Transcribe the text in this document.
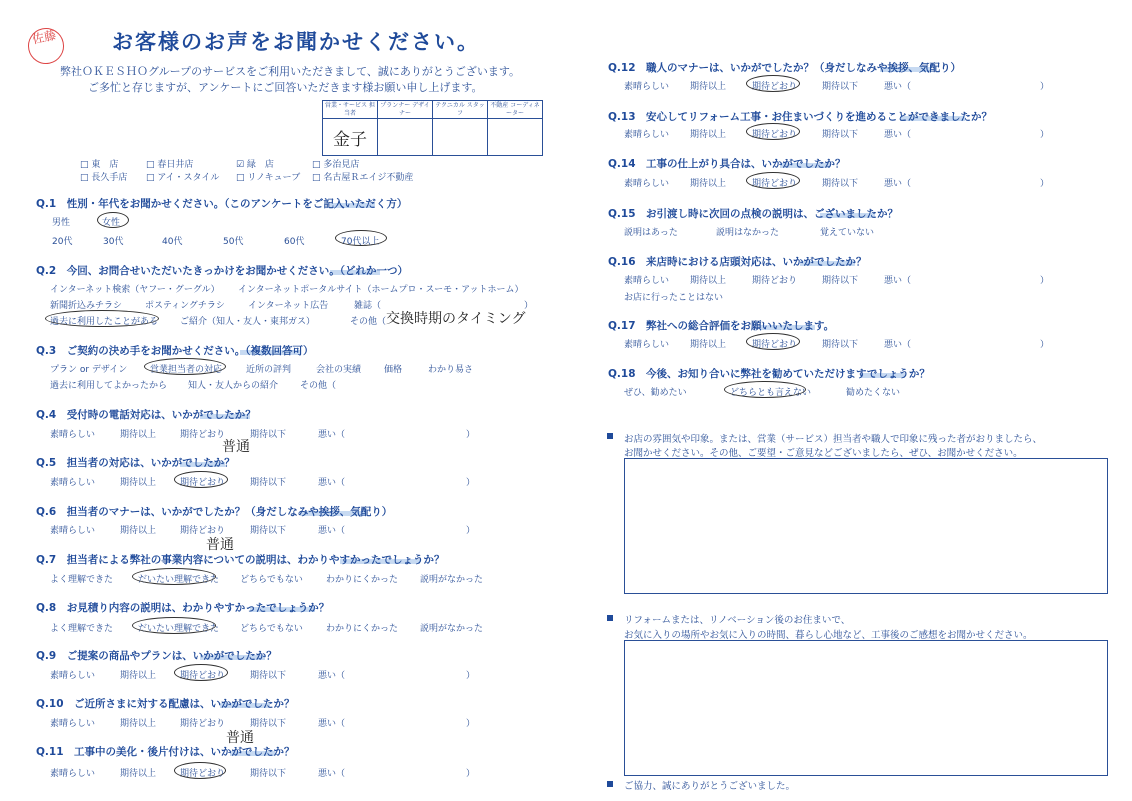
佐藤	お客様のお声をお聞かせください。
弊社ＯＫＥＳＨＯグループのサービスをご利用いただきまして、誠にありがとうございます。
ご多忙と存じますが、アンケートにご回答いただきます様お願い申し上げます。
営業・サービス 担当者	プランナー デザイナー	テクニカル スタッフ	不動産 コーディネーター
金子			
□ 東　店	□ 春日井店	☑ 緑　店	□ 多治見店
□ 長久手店 □ アイ・スタイル □ リノキューブ □ 名古屋Ｒエイジ不動産
Q.1　性別・年代をお聞かせください。（このアンケートをご記入いただく方）
男性	女性
20代	30代	40代	50代	60代	70代以上
Q.2　今回、お問合せいただいたきっかけをお聞かせください。（どれか一つ）
インターネット検索（ヤフー・グーグル） インターネットポータルサイト（ホームプロ・スーモ・アットホーム）
新聞折込みチラシ	ポスティングチラシ	インターネット広告	雑誌（	）
過去に利用したことがある ご紹介（知人・友人・東邦ガス）	その他（ 交換時期のタイミング
Q.3　ご契約の決め手をお聞かせください。（複数回答可）
プラン or デザイン	営業担当者の対応	近所の評判	会社の実績	価格	わかり易さ
過去に利用してよかったから 知人・友人からの紹介 その他（
Q.4　受付時の電話対応は、いかがでしたか？
素晴らしい	期待以上	期待どおり	期待以下	悪い（	）
普通
Q.5　担当者の対応は、いかがでしたか？
素晴らしい	期待以上	期待どおり	期待以下	悪い（	）
Q.6　担当者のマナーは、いかがでしたか？（身だしなみや挨拶、気配り）
素晴らしい	期待以上	期待どおり	期待以下	悪い（	）
普通
Q.7　担当者による弊社の事業内容についての説明は、わかりやすかったでしょうか？
よく理解できた	だいたい理解できた どちらでもない	わかりにくかった 説明がなかった
Q.8　お見積り内容の説明は、わかりやすかったでしょうか？
よく理解できた	だいたい理解できた どちらでもない	わかりにくかった 説明がなかった
Q.9　ご提案の商品やプランは、いかがでしたか？
素晴らしい	期待以上	期待どおり	期待以下	悪い（	）
Q.10　ご近所さまに対する配慮は、いかがでしたか？
素晴らしい	期待以上	期待どおり	期待以下	悪い（	）
普通
Q.11　工事中の美化・後片付けは、いかがでしたか？
素晴らしい	期待以上	期待どおり	期待以下	悪い（	）
Q.12　職人のマナーは、いかがでしたか？（身だしなみや挨拶、気配り）
素晴らしい 期待以上	期待どおり	期待以下	悪い（	）
Q.13　安心してリフォーム工事・お住まいづくりを進めることができましたか？
素晴らしい 期待以上	期待どおり	期待以下	悪い（	）
Q.14　工事の仕上がり具合は、いかがでしたか？
素晴らしい 期待以上	期待どおり	期待以下	悪い（	）
Q.15　お引渡し時に次回の点検の説明は、ございましたか？
説明はあった	説明はなかった	覚えていない
Q.16　来店時における店頭対応は、いかがでしたか？
素晴らしい 期待以上	期待どおり	期待以下	悪い（	）
お店に行ったことはない
Q.17　弊社への総合評価をお願いいたします。
素晴らしい 期待以上	期待どおり	期待以下	悪い（	）
Q.18　今後、お知り合いに弊社を勧めていただけますでしょうか？
ぜひ、勧めたい	どちらとも言えない	勧めたくない
お店の雰囲気や印象。または、営業（サービス）担当者や職人で印象に残った者がおりましたら、
お聞かせください。その他、ご要望・ご意見などございましたら、ぜひ、お聞かせください。
リフォームまたは、リノベーション後のお住まいで、
お気に入りの場所やお気に入りの時間、暮らし心地など、工事後のご感想をお聞かせください。
ご協力、誠にありがとうございました。
